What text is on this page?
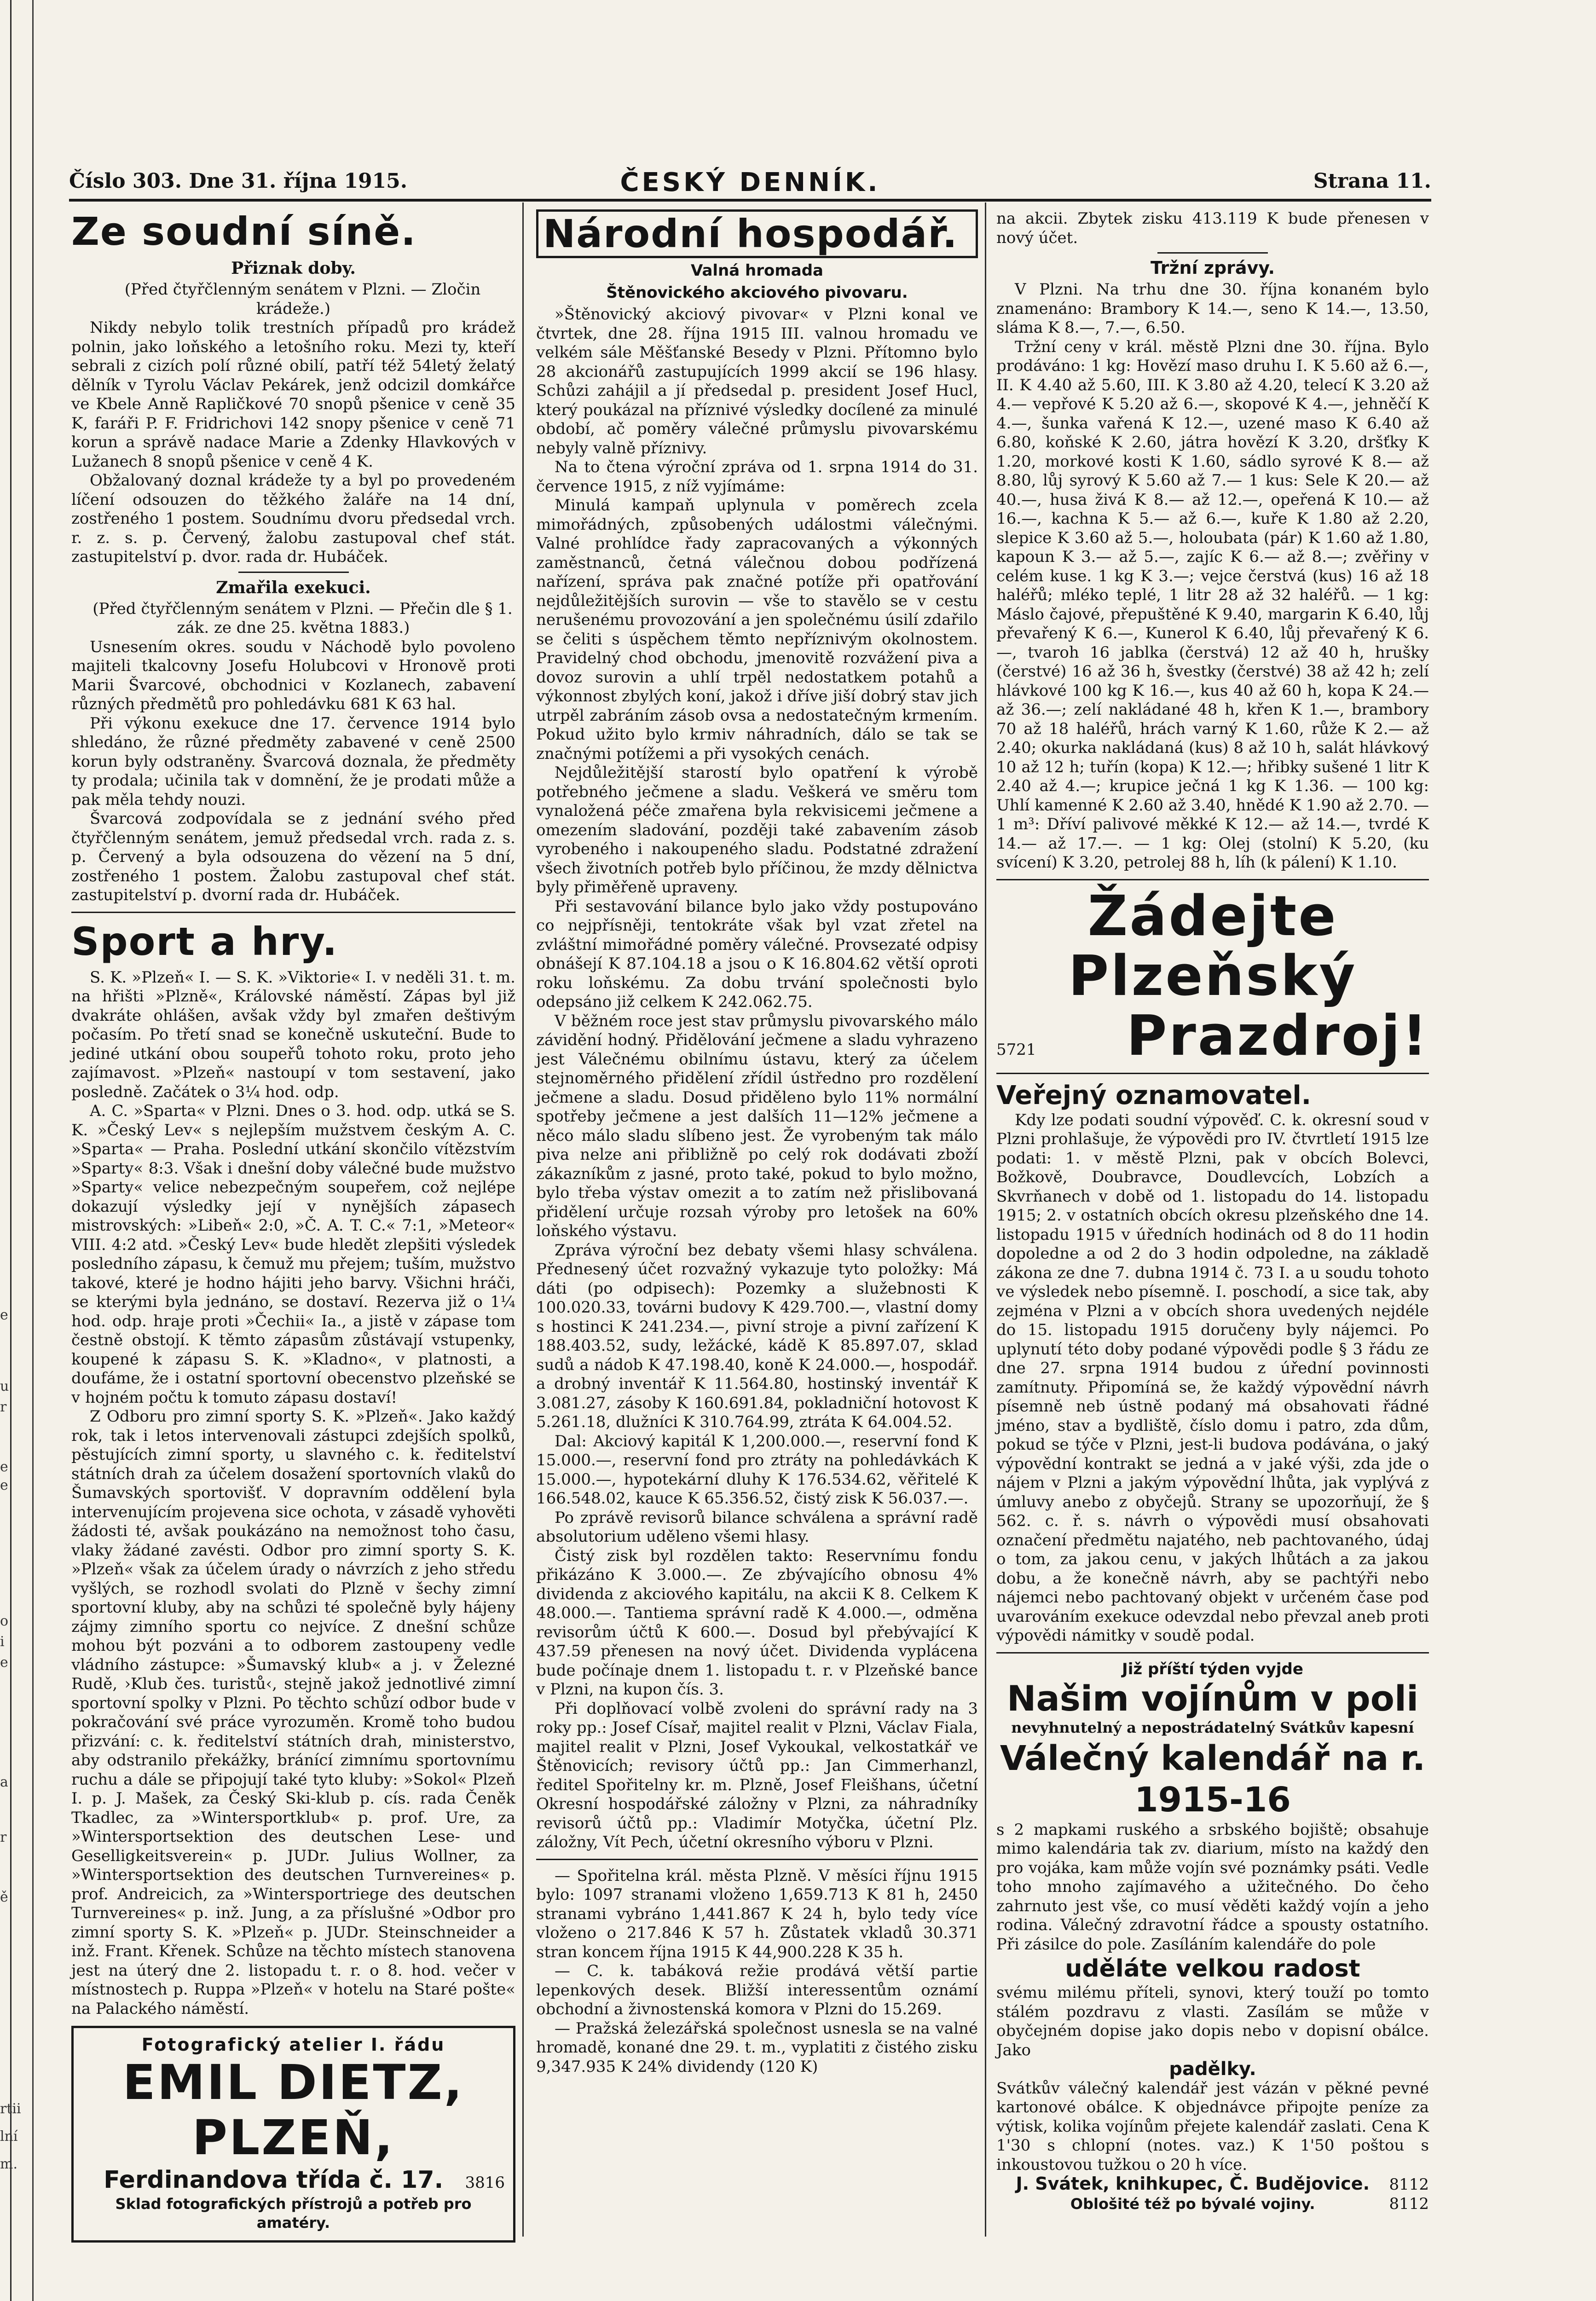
e
u
r
e
e
o
i
e
a
r
ě
rtii
lní
m.
Číslo 303. Dne 31. října 1915.	ČESKÝ DENNÍK.	Strana 11.
Ze soudní síně.
Přiznak doby.

(Před čtyřčlenným senátem v Plzni. — Zločin krádeže.)

Nikdy nebylo tolik trestních případů pro krádež polnin, jako loňského a letošního roku. Mezi ty, kteří sebrali z cizích polí různé obilí, patří též 54letý želatý dělník v Tyrolu Václav Pekárek, jenž odcizil domkářce ve Kbele Anně Rapličkové 70 snopů pšenice v ceně 35 K, faráři P. F. Fridrichovi 142 snopy pšenice v ceně 71 korun a správě nadace Marie a Zdenky Hlavkových v Lužanech 8 snopů pšenice v ceně 4 K.

Obžalovaný doznal krádeže ty a byl po provedeném líčení odsouzen do těžkého žaláře na 14 dní, zostřeného 1 postem. Soudnímu dvoru předsedal vrch. r. z. s. p. Červený, žalobu zastupoval chef stát. zastupitelství p. dvor. rada dr. Hubáček.

Zmařila exekuci.

(Před čtyřčlenným senátem v Plzni. — Přečin dle § 1. zák. ze dne 25. května 1883.)

Usnesením okres. soudu v Náchodě bylo povoleno majiteli tkalcovny Josefu Holubcovi v Hronově proti Marii Švarcové, obchodnici v Kozlanech, zabavení různých předmětů pro pohledávku 681 K 63 hal.

Při výkonu exekuce dne 17. července 1914 bylo shledáno, že různé předměty zabavené v ceně 2500 korun byly odstraněny. Švarcová doznala, že předměty ty prodala; učinila tak v domnění, že je prodati může a pak měla tehdy nouzi.

Švarcová zodpovídala se z jednání svého před čtyřčlenným senátem, jemuž předsedal vrch. rada z. s. p. Červený a byla odsouzena do vězení na 5 dní, zostřeného 1 postem. Žalobu zastupoval chef stát. zastupitelství p. dvorní rada dr. Hubáček.

Sport a hry.

S. K. »Plzeň« I. — S. K. »Viktorie« I. v neděli 31. t. m. na hřišti »Plzně«, Královské náměstí. Zápas byl již dvakráte ohlášen, avšak vždy byl zmařen deštivým počasím. Po třetí snad se konečně uskuteční. Bude to jediné utkání obou soupeřů tohoto roku, proto jeho zajímavost. »Plzeň« nastoupí v tom sestavení, jako posledně. Začátek o 3¼ hod. odp.

A. C. »Sparta« v Plzni. Dnes o 3. hod. odp. utká se S. K. »Český Lev« s nejlepším mužstvem českým A. C. »Sparta« — Praha. Poslední utkání skončilo vítězstvím »Sparty« 8:3. Však i dnešní doby válečné bude mužstvo »Sparty« velice nebezpečným soupeřem, což nejlépe dokazují výsledky její v nynějších zápasech mistrovských: »Libeň« 2:0, »Č. A. T. C.« 7:1, »Meteor« VIII. 4:2 atd. »Český Lev« bude hledět zlepšiti výsledek posledního zápasu, k čemuž mu přejem; tuším, mužstvo takové, které je hodno hájiti jeho barvy. Všichni hráči, se kterými byla jednáno, se dostaví. Rezerva již o 1¼ hod. odp. hraje proti »Čechii« Ia., a jistě v zápase tom čestně obstojí. K těmto zápasům zůstávají vstupenky, koupené k zápasu S. K. »Kladno«, v platnosti, a doufáme, že i ostatní sportovní obecenstvo plzeňské se v hojném počtu k tomuto zápasu dostaví!

Z Odboru pro zimní sporty S. K. »Plzeň«. Jako každý rok, tak i letos intervenovali zástupci zdejších spolků, pěstujících zimní sporty, u slavného c. k. ředitelství státních drah za účelem dosažení sportovních vlaků do Šumavských sportovišť. V dopravním oddělení byla intervenujícím projevena sice ochota, v zásadě vyhověti žádosti té, avšak poukázáno na nemožnost toho času, vlaky žádané zavésti. Odbor pro zimní sporty S. K. »Plzeň« však za účelem úrady o návrzích z jeho středu vyšlých, se rozhodl svolati do Plzně v šechy zimní sportovní kluby, aby na schůzi té společně byly hájeny zájmy zimního sportu co nejvíce. Z dnešní schůze mohou být pozváni a to odborem zastoupeny vedle vládního zástupce: »Šumavský klub« a j. v Železné Rudě, ›Klub čes. turistů‹, stejně jakož jednotlivé zimní sportovní spolky v Plzni. Po těchto schůzí odbor bude v pokračování své práce vyrozuměn. Kromě toho budou přizvání: c. k. ředitelství státních drah, ministerstvo, aby odstranilo překážky, bránící zimnímu sportovnímu ruchu a dále se připojují také tyto kluby: »Sokol« Plzeň I. p. J. Mašek, za Český Ski-klub p. cís. rada Čeněk Tkadlec, za »Wintersportklub« p. prof. Ure, za »Wintersportsektion des deutschen Lese- und Geselligkeitsverein« p. JUDr. Julius Wollner, za »Wintersportsektion des deutschen Turnvereines« p. prof. Andreicich, za »Wintersportriege des deutschen Turnvereines« p. inž. Jung, a za příslušné »Odbor pro zimní sporty S. K. »Plzeň« p. JUDr. Steinschneider a inž. Frant. Křenek. Schůze na těchto místech stanovena jest na úterý dne 2. listopadu t. r. o 8. hod. večer v místnostech p. Ruppa »Plzeň« v hotelu na Staré pošte« na Palackého náměstí.

Fotografický atelier I. řádu
EMIL DIETZ, PLZEŇ,
Ferdinandova třída č. 17.	3816
Sklad fotografických přístrojů a potřeb pro amatéry.
Národní hospodář.
Valná hromada
Štěnovického akciového pivovaru.

»Štěnovický akciový pivovar« v Plzni konal ve čtvrtek, dne 28. října 1915 III. valnou hromadu ve velkém sále Měšťanské Besedy v Plzni. Přítomno bylo 28 akcionářů zastupujících 1999 akcií se 196 hlasy. Schůzi zahájil a jí předsedal p. president Josef Hucl, který poukázal na příznivé výsledky docílené za minulé období, ač poměry válečné průmyslu pivovarskému nebyly valně příznivy.

Na to čtena výroční zpráva od 1. srpna 1914 do 31. července 1915, z níž vyjímáme:

Minulá kampaň uplynula v poměrech zcela mimořádných, způsobených událostmi válečnými. Valné prohlídce řady zapracovaných a výkonných zaměstnanců, četná válečnou dobou podřízená nařízení, správa pak značné potíže při opatřování nejdůležitějších surovin — vše to stavělo se v cestu nerušenému provozování a jen společnému úsilí zdařilo se čeliti s úspěchem těmto nepříznivým okolnostem. Pravidelný chod obchodu, jmenovitě rozvážení piva a dovoz surovin a uhlí trpěl nedostatkem potahů a výkonnost zbylých koní, jakož i dříve jiší dobrý stav jich utrpěl zabráním zásob ovsa a nedostatečným krmením. Pokud užito bylo krmiv náhradních, dálo se tak se značnými potížemi a při vysokých cenách.

Nejdůležitější starostí bylo opatření k výrobě potřebného ječmene a sladu. Veškerá ve směru tom vynaložená péče zmařena byla rekvisicemi ječmene a omezením sladování, později také zabavením zásob vyrobeného i nakoupeného sladu. Podstatné zdražení všech životních potřeb bylo příčinou, že mzdy dělnictva byly přiměřeně upraveny.

Při sestavování bilance bylo jako vždy postupováno co nejpřísněji, tentokráte však byl vzat zřetel na zvláštní mimořádné poměry válečné. Provsezaté odpisy obnášejí K 87.104.18 a jsou o K 16.804.62 větší oproti roku loňskému. Za dobu trvání společnosti bylo odepsáno již celkem K 242.062.75.

V běžném roce jest stav průmyslu pivovarského málo závidění hodný. Přidělování ječmene a sladu vyhrazeno jest Válečnému obilnímu ústavu, který za účelem stejnoměrného přidělení zřídil ústředno pro rozdělení ječmene a sladu. Dosud přiděleno bylo 11% normální spotřeby ječmene a jest dalších 11—12% ječmene a něco málo sladu slíbeno jest. Že vyrobeným tak málo piva nelze ani přibližně po celý rok dodávati zboží zákazníkům z jasné, proto také, pokud to bylo možno, bylo třeba výstav omezit a to zatím než přislibovaná přidělení určuje rozsah výroby pro letošek na 60% loňského výstavu.

Zpráva výroční bez debaty všemi hlasy schválena. Přednesený účet rozvažný vykazuje tyto položky: Má dáti (po odpisech): Pozemky a služebnosti K 100.020.33, továrni budovy K 429.700.—, vlastní domy s hostinci K 241.234.—, pivní stroje a pivní zařízení K 188.403.52, sudy, ležácké, kádě K 85.897.07, sklad sudů a nádob K 47.198.40, koně K 24.000.—, hospodář. a drobný inventář K 11.564.80, hostinský inventář K 3.081.27, zásoby K 160.691.84, pokladniční hotovost K 5.261.18, dlužníci K 310.764.99, ztráta K 64.004.52.

Dal: Akciový kapitál K 1,200.000.—, reservní fond K 15.000.—, reservní fond pro ztráty na pohledávkách K 15.000.—, hypotekární dluhy K 176.534.62, věřitelé K 166.548.02, kauce K 65.356.52, čistý zisk K 56.037.—.

Po zprávě revisorů bilance schválena a správní radě absolutorium uděleno všemi hlasy.

Čistý zisk byl rozdělen takto: Reservnímu fondu přikázáno K 3.000.—. Ze zbývajícího obnosu 4% dividenda z akciového kapitálu, na akcii K 8. Celkem K 48.000.—. Tantiema správní radě K 4.000.—, odměna revisorům účtů K 600.—. Dosud byl přebývající K 437.59 přenesen na nový účet. Dividenda vyplácena bude počínaje dnem 1. listopadu t. r. v Plzeňské bance v Plzni, na kupon čís. 3.

Při doplňovací volbě zvoleni do správní rady na 3 roky pp.: Josef Císař, majitel realit v Plzni, Václav Fiala, majitel realit v Plzni, Josef Vykoukal, velkostatkář ve Štěnovicích; revisory účtů pp.: Jan Cimmerhanzl, ředitel Spořitelny kr. m. Plzně, Josef Fleišhans, účetní Okresní hospodářské záložny v Plzni, za náhradníky revisorů účtů pp.: Vladimír Motyčka, účetní Plz. záložny, Vít Pech, účetní okresního výboru v Plzni.

— Spořitelna král. města Plzně. V měsíci říjnu 1915 bylo: 1097 stranami vloženo 1,659.713 K 81 h, 2450 stranami vybráno 1,441.867 K 24 h, bylo tedy více vloženo o 217.846 K 57 h. Zůstatek vkladů 30.371 stran koncem října 1915 K 44,900.228 K 35 h.

— C. k. tabáková režie prodává větší partie lepenkových desek. Bližší interessentům oznámí obchodní a živnostenská komora v Plzni do 15.269.

— Pražská železářská společnost usnesla se na valné hromadě, konané dne 29. t. m., vyplatiti z čistého zisku 9,347.935 K 24% dividendy (120 K)

na akcii. Zbytek zisku 413.119 K bude přenesen v nový účet.

Tržní zprávy.

V Plzni. Na trhu dne 30. října konaném bylo znamenáno: Brambory K 14.—, seno K 14.—, 13.50, sláma K 8.—, 7.—, 6.50.

Tržní ceny v král. městě Plzni dne 30. října. Bylo prodáváno: 1 kg: Hovězí maso druhu I. K 5.60 až 6.—, II. K 4.40 až 5.60, III. K 3.80 až 4.20, telecí K 3.20 až 4.— vepřové K 5.20 až 6.—, skopové K 4.—, jehněčí K 4.—, šunka vařená K 12.—, uzené maso K 6.40 až 6.80, koňské K 2.60, játra hovězí K 3.20, dršťky K 1.20, morkové kosti K 1.60, sádlo syrové K 8.— až 8.80, lůj syrový K 5.60 až 7.— 1 kus: Sele K 20.— až 40.—, husa živá K 8.— až 12.—, opeřená K 10.— až 16.—, kachna K 5.— až 6.—, kuře K 1.80 až 2.20, slepice K 3.60 až 5.—, holoubata (pár) K 1.60 až 1.80, kapoun K 3.— až 5.—, zajíc K 6.— až 8.—; zvěřiny v celém kuse. 1 kg K 3.—; vejce čerstvá (kus) 16 až 18 haléřů; mléko teplé, 1 litr 28 až 32 haléřů. — 1 kg: Máslo čajové, přepuštěné K 9.40, margarin K 6.40, lůj převařený K 6.—, Kunerol K 6.40, lůj převařený K 6.—, tvaroh 16 jablka (čerstvá) 12 až 40 h, hrušky (čerstvé) 16 až 36 h, švestky (čerstvé) 38 až 42 h; zelí hlávkové 100 kg K 16.—, kus 40 až 60 h, kopa K 24.— až 36.—; zelí nakládané 48 h, křen K 1.—, brambory 70 až 18 haléřů, hrách varný K 1.60, růže K 2.— až 2.40; okurka nakládaná (kus) 8 až 10 h, salát hlávkový 10 až 12 h; tuřín (kopa) K 12.—; hřibky sušené 1 litr K 2.40 až 4.—; krupice ječná 1 kg K 1.36. — 100 kg: Uhlí kamenné K 2.60 až 3.40, hnědé K 1.90 až 2.70. — 1 m³: Dříví palivové měkké K 12.— až 14.—, tvrdé K 14.— až 17.—. — 1 kg: Olej (stolní) K 5.20, (ku svícení) K 3.20, petrolej 88 h, líh (k pálení) K 1.10.

Žádejte
Plzeňský
5721 Prazdroj!
Veřejný oznamovatel.

Kdy lze podati soudní výpověď. C. k. okresní soud v Plzni prohlašuje, že výpovědi pro IV. čtvrtletí 1915 lze podati: 1. v městě Plzni, pak v obcích Bolevci, Božkově, Doubravce, Doudlevcích, Lobzích a Skvrňanech v době od 1. listopadu do 14. listopadu 1915; 2. v ostatních obcích okresu plzeňského dne 14. listopadu 1915 v úředních hodinách od 8 do 11 hodin dopoledne a od 2 do 3 hodin odpoledne, na základě zákona ze dne 7. dubna 1914 č. 73 I. a u soudu tohoto ve výsledek nebo písemně. I. poschodí, a sice tak, aby zejména v Plzni a v obcích shora uvedených nejdéle do 15. listopadu 1915 doručeny byly nájemci. Po uplynutí této doby podané výpovědi podle § 3 řádu ze dne 27. srpna 1914 budou z úřední povinnosti zamítnuty. Připomíná se, že každý výpovědní návrh písemně neb ústně podaný má obsahovati řádné jméno, stav a bydliště, číslo domu i patro, zda dům, pokud se týče v Plzni, jest-li budova podávána, o jaký výpovědní kontrakt se jedná a v jaké výši, zda jde o nájem v Plzni a jakým výpovědní lhůta, jak vyplývá z úmluvy anebo z obyčejů. Strany se upozorňují, že § 562. c. ř. s. návrh o výpovědi musí obsahovati označení předmětu najatého, neb pachtovaného, údaj o tom, za jakou cenu, v jakých lhůtách a za jakou dobu, a že konečně návrh, aby se pachtýři nebo nájemci nebo pachtovaný objekt v určeném čase pod uvarováním exekuce odevzdal nebo převzal aneb proti výpovědi námitky v soudě podal.

Již příští týden vyjde
Našim vojínům v poli
nevyhnutelný a nepostrádatelný Svátkův kapesní
Válečný kalendář na r. 1915-16

s 2 mapkami ruského a srbského bojiště; obsahuje mimo kalendária tak zv. diarium, místo na každý den pro vojáka, kam může vojín své poznámky psáti. Vedle toho mnoho zajímavého a užitečného. Do čeho zahrnuto jest vše, co musí věděti každý vojín a jeho rodina. Válečný zdravotní řádce a spousty ostatního. Při zásilce do pole. Zasíláním kalendáře do pole

uděláte velkou radost

svému milému příteli, synovi, který touží po tomto stálém pozdravu z vlasti. Zasílám se může v obyčejném dopise jako dopis nebo v dopisní obálce. Jako

padělky.

Svátkův válečný kalendář jest vázán v pěkné pevné kartonové obálce. K objednávce připojte peníze za výtisk, kolika vojínům přejete kalendář zaslati. Cena K 1'30 s chlopní (notes. vaz.) K 1'50 poštou s inkoustovou tužkou o 20 h více.

J. Svátek, knihkupec, Č. Budějovice.	8112
Oblošité též po bývalé vojiny.	8112
